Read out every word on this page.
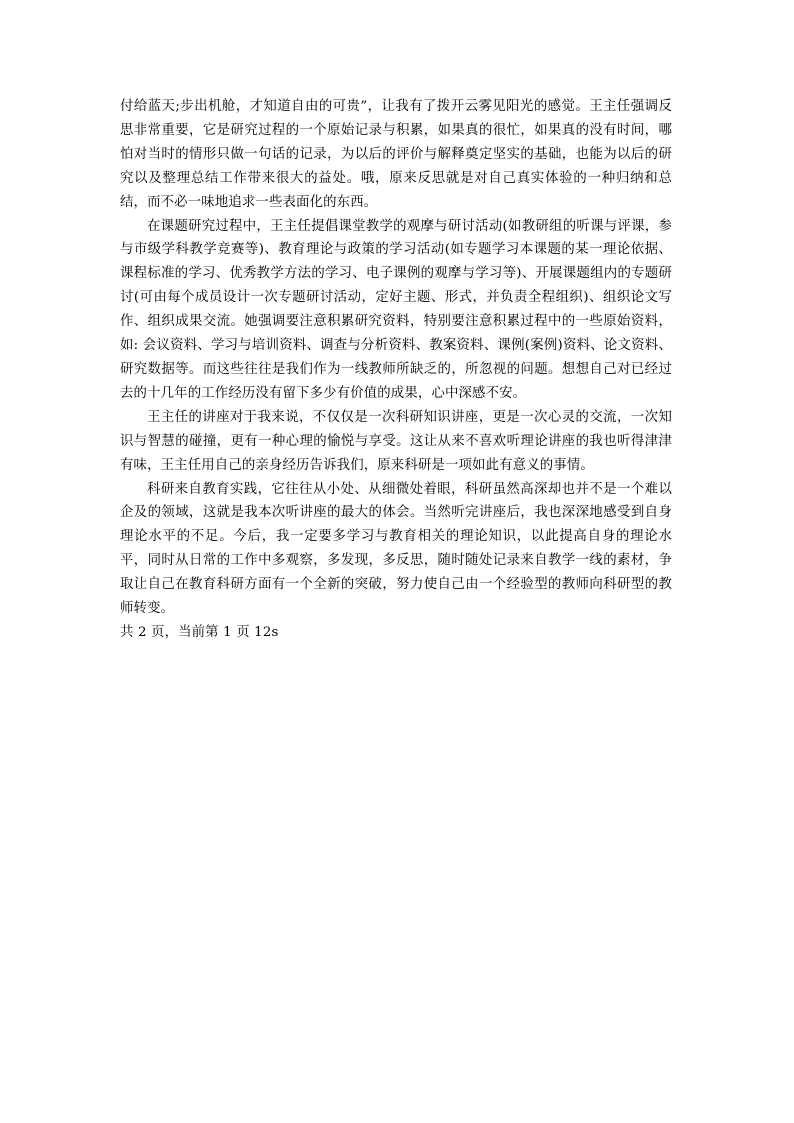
付给蓝天;步出机舱，才知道自由的可贵”，让我有了拨开云雾见阳光的感觉。王主任强调反思非常重要，它是研究过程的一个原始记录与积累，如果真的很忙，如果真的没有时间，哪怕对当时的情形只做一句话的记录，为以后的评价与解释奠定坚实的基础，也能为以后的研究以及整理总结工作带来很大的益处。哦，原来反思就是对自己真实体验的一种归纳和总结，而不必一味地追求一些表面化的东西。

在课题研究过程中，王主任提倡课堂教学的观摩与研讨活动(如教研组的听课与评课，参与市级学科教学竞赛等)、教育理论与政策的学习活动(如专题学习本课题的某一理论依据、课程标准的学习、优秀教学方法的学习、电子课例的观摩与学习等)、开展课题组内的专题研讨(可由每个成员设计一次专题研讨活动，定好主题、形式，并负责全程组织)、组织论文写作、组织成果交流。她强调要注意积累研究资料，特别要注意积累过程中的一些原始资料，如: 会议资料、学习与培训资料、调查与分析资料、教案资料、课例(案例)资料、论文资料、研究数据等。而这些往往是我们作为一线教师所缺乏的，所忽视的问题。想想自己对已经过去的十几年的工作经历没有留下多少有价值的成果，心中深感不安。

王主任的讲座对于我来说，不仅仅是一次科研知识讲座，更是一次心灵的交流，一次知识与智慧的碰撞，更有一种心理的愉悦与享受。这让从来不喜欢听理论讲座的我也听得津津有味，王主任用自己的亲身经历告诉我们，原来科研是一项如此有意义的事情。

科研来自教育实践，它往往从小处、从细微处着眼，科研虽然高深却也并不是一个难以企及的领域，这就是我本次听讲座的最大的体会。当然听完讲座后，我也深深地感受到自身理论水平的不足。今后，我一定要多学习与教育相关的理论知识，以此提高自身的理论水平，同时从日常的工作中多观察，多发现，多反思，随时随处记录来自教学一线的素材，争取让自己在教育科研方面有一个全新的突破，努力使自己由一个经验型的教师向科研型的教师转变。

共 2 页，当前第 1 页 12s
